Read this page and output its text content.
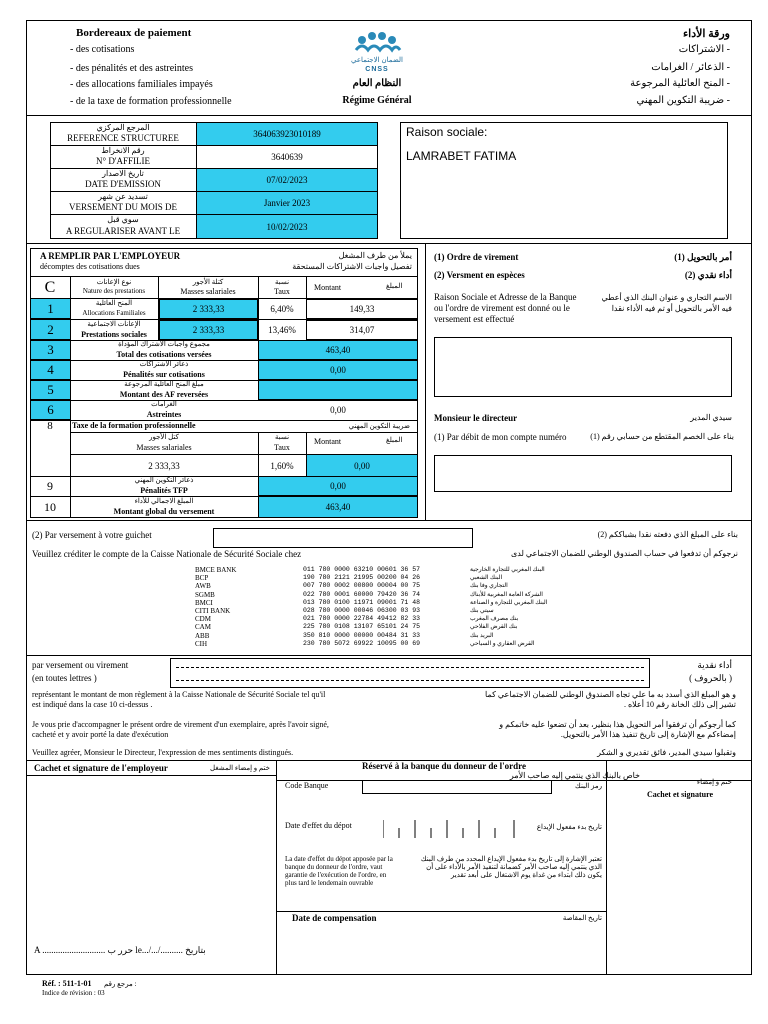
Bordereaux de paiement
- des cotisations
- des pénalités et des astreintes
- des allocations familiales impayés
- de la taxe de formation professionnelle
الضمان الاجتماعي
CNSS
النظام العام
Régime Général
ورقة الأداء
- الاشتراكات
- الذعائر / الغرامات
- المنح العائلية المرجوعة
- ضريبة التكوين المهني
المرجع المركزي
REFERENCE STRUCTUREE	364063923010189
رقم الانخراط
N° D'AFFILIE	3640639
تاريخ الاصدار
DATE D'EMISSION	07/02/2023
تسديد عن شهر
VERSEMENT DU MOIS DE	Janvier 2023
سوي قبل
A REGULARISER AVANT LE	10/02/2023
Raison sociale:
LAMRABET FATIMA
A REMPLIR PAR L'EMPLOYEUR
décomptes des cotisations dues
يملأ من طرف المشغل
تفصيل واجبات الاشتراكات المستحقة
C	نوع الإعانات
Nature des prestations
كتلة الأجور
Masses salariales
نسبة
Taux	Montant	المبلغ
1	المنح العائلية
Allocations Familiales	2 333,33	6,40%	149,33
2	الإعانات الاجتماعية
Prestations sociales	2 333,33	13,46%	314,07
3	مجموع واجبات الاشتراك المؤداة
Total des cotisations versées	463,40
4	ذعائر الاشتراكات
Pénalités sur cotisations	0,00
5	مبلغ المنح العائلية المرجوعة
Montant des AF reversées
6	الغرامات
Astreintes	0,00
8	Taxe de la formation professionnelle	ضريبة التكوين المهني
كتل الأجور
Masses salariales
نسبة
Taux
Montant	المبلغ
2 333,33	1,60%	0,00
9	ذعائر التكوين المهني
Pénalités TFP	0,00
10	المبلغ الاجمالي للأداء
Montant global du versement	463,40
(1) Ordre de virement	أمر بالتحويل (1)
(2) Versment en espèces	أداء نقدي (2)
Raison Sociale et Adresse de la Banque ou l'ordre de virement est donné ou le versement est effectué
الاسم التجاري و عنوان البنك الذي أعطي فيه الأمر بالتحويل أو تم فيه الأداء نقدا
Monsieur le directeur	سيدي المدير
(1) Par débit de mon compte numéro	بناء على الخصم المقتطع من حسابي رقم (1)
(2) Par versement à votre guichet	بناء على المبلغ الذي دفعته نقدا بشباككم (2)
Veuillez créditer le compte de la Caisse Nationale de Sécurité Sociale chez	نرجوكم أن تدفعوا في حساب الصندوق الوطني للضمان الاجتماعي لدى
BMCE BANK	011 780 0000 63210 00601 36 57	البنك المغربي للتجارة الخارجية
BCP	190 780 2121 21995 00200 04 26	البنك الشعبي
AWB	007 780 0002 00800 00004 00 75	التجاري وفا بنك
SGMB	022 780 0001 60000 79420 36 74	الشركة العامة المغربية للأبناك
BMCI	013 780 0100 11971 09001 71 48	البنك المغربي للتجارة و الصناعة
CITI BANK	028 780 0000 00046 06300 03 93	سيتي بنك
CDM	021 780 0000 22784 49412 82 33	بنك مصرف المغرب
CAM	225 780 0108 13107 65101 24 75	بنك القرض الفلاحي
ABB	350 810 0000 00000 00484 31 33	البريد بنك
CIH	230 780 5072 69922 10095 00 69	القرض العقاري و السياحي
par versement ou virement
(en toutes lettres )
أداء نقدية
( بالحروف )
représentant le montant de mon règlement à la Caisse Nationale de Sécurité Sociale tel qu'il est indiqué dans la case 10 ci-dessus .
و هو المبلغ الذي أسدد به ما علي تجاه الصندوق الوطني للضمان الاجتماعي كما تشير إلى ذلك الخانة رقم 10 أعلاه .
Je vous prie d'accompagner le présent ordre de virement d'un exemplaire, après l'avoir signé, cacheté et y avoir porté la date d'exécution
كما أرجوكم أن ترفقوا أمر التحويل هذا بنظير، بعد أن تضعوا عليه خاتمكم و إمضاءكم مع الإشارة إلى تاريخ تنفيذ هذا الأمر بالتحويل.
Veuillez agréer, Monsieur le Directeur, l'expression de mes sentiments distingués.	وتقبلوا سيدي المدير، فائق تقديري و الشكر
Cachet et signature de l'employeur	ختم و إمضاء المشغل	Réservé à la banque du donneur de l'ordre
خاص بالبنك الذي ينتمي إليه صاحب الأمر
Code Banque	رمز البنك	ختم و إمضاء
Cachet et signature
Date d'effet du dépot	تاريخ بدء مفعول الإيداع
La date d'effet du dépot apposée par la banque du donneur de l'ordre, vaut garantie de l'exécution de l'ordre, en plus tard le lendemain ouvrable
تعتبر الإشارة إلى تاريخ بدء مفعول الإيداع المحدد من طرف البنك الذي ينتمي إليه صاحب الأمر كضمانة لتنفيذ الأمر بالأداء على أن يكون ذلك ابتداء من غداة يوم الاشتغال على أبعد تقدير
Date de compensation	تاريخ المقاصة
A ............................ حرر ب le.../.../.......... بتاريخ
Réf. : 511-1-01 مرجع رقم :
Indice de révision : 03
